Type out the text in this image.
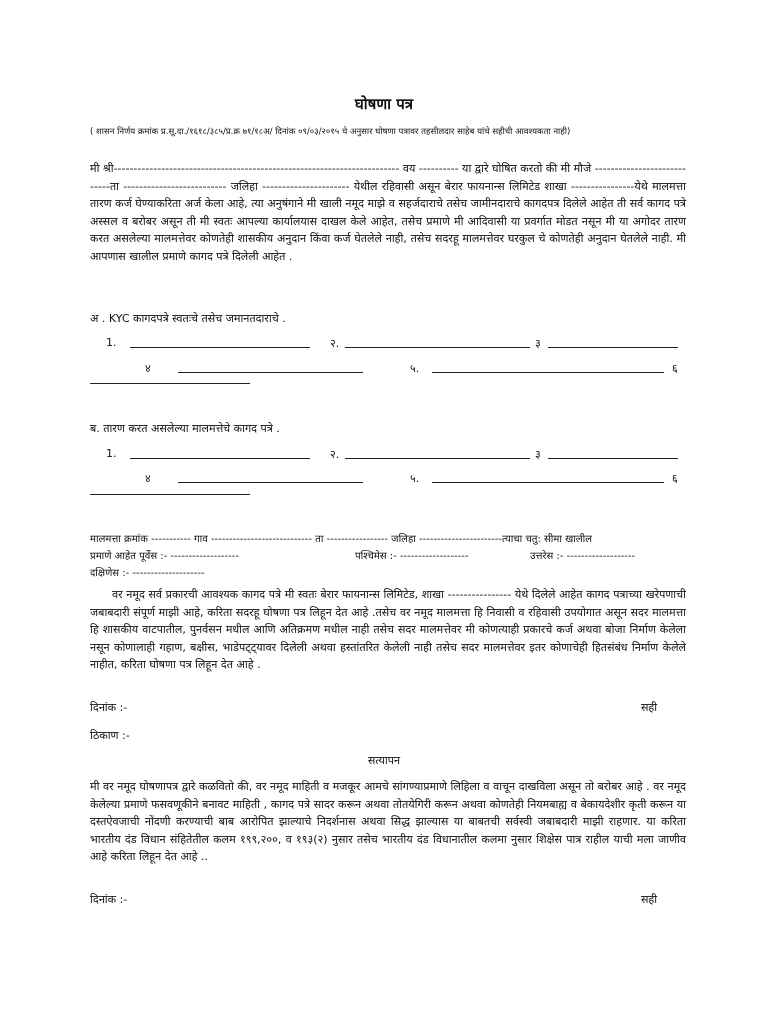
घोषणा पत्र
( शासन निर्णय क्रमांक प्र.सू.दा./१६१८/३८५/प्र.क्र ७१/१८अ/ दिनांक ०९/०३/२०१५ चे अनुसार घोषणा पत्रावर तहसीलदार साहेब यांचे सहीची आवश्यकता नाही)
मी श्री------------------------------------------------------------------------ वय ---------- या द्वारे घोषित करतो की मी मौजे ----------------------------ता -------------------------- जलिहा ---------------------- येथील रहिवासी असून बेरार फायनान्स लिमिटेड शाखा ----------------येथे मालमत्ता तारण कर्ज घेण्याकरिता अर्ज केला आहे, त्या अनुषंगाने मी खाली नमूद माझे व सहर्जदाराचे तसेच जामीनदाराचे कागदपत्र दिलेले आहेत ती सर्व कागद पत्रे अस्सल व बरोबर असून ती मी स्वतः आपल्या कार्यालयास दाखल केले आहेत, तसेच प्रमाणे मी आदिवासी या प्रवर्गात मोडत नसून मी या अगोदर तारण करत असलेल्या मालमत्तेवर कोणतेही शासकीय अनुदान किंवा कर्ज घेतलेले नाही, तसेच सदरहू मालमत्तेवर घरकुल चे कोणतेही अनुदान घेतलेले नाही. मी आपणास खालील प्रमाणे कागद पत्रे दिलेली आहेत .
अ . KYC कागदपत्रे स्वतःचे तसेच जमानतदाराचे .
1.	२.	३
४	५.	६
ब. तारण करत असलेल्या मालमत्तेचे कागद पत्रे .
1.	२.	३
४	५.	६
मालमत्ता क्रमांक ----------- गाव ---------------------------- ता ----------------- जलिहा -----------------------त्याचा चतु: सीमा खालील
प्रमाणे आहेत पूर्वेस :- -------------------	पश्चिमेस :- -------------------	उत्तरेस :- -------------------
दक्षिणेस :- --------------------
वर नमूद सर्व प्रकारची आवश्यक कागद पत्रे मी स्वतः बेरार फायनान्स लिमिटेड, शाखा ---------------- येथे दिलेले आहेत कागद पत्राच्या खरेपणाची जबाबदारी संपूर्ण माझी आहे, करिता सदरहू घोषणा पत्र लिहून देत आहे .तसेच वर नमूद मालमत्ता हि निवासी व रहिवासी उपयोगात असून सदर मालमत्ता हि शासकीय वाटपातील, पुनर्वसन मधील आणि अतिक्रमण मधील नाही तसेच सदर मालमत्तेवर मी कोणत्याही प्रकारचे कर्ज अथवा बोजा निर्माण केलेला नसून कोणालाही गहाण, बक्षीस, भाडेपट्ट्यावर दिलेली अथवा हस्तांतरित केलेली नाही तसेच सदर मालमत्तेवर इतर कोणाचेही हितसंबंध निर्माण केलेले नाहीत, करिता घोषणा पत्र लिहून देत आहे .
दिनांक :-	सही
ठिकाण :-
सत्यापन
मी वर नमूद घोषणापत्र द्वारे कळवितो की, वर नमूद माहिती व मजकूर आमचे सांगण्याप्रमाणे लिहिला व वाचून दाखविला असून तो बरोबर आहे . वर नमूद केलेल्या प्रमाणे फसवणूकीने बनावट माहिती , कागद पत्रे सादर करून अथवा तोतयेगिरी करून अथवा कोणतेही नियमबाह्य व बेकायदेशीर कृती करून या दस्तऐवजाची नोंदणी करण्याची बाब आरोपित झाल्याचे निदर्शनास अथवा सिद्ध झाल्यास या बाबतची सर्वस्वी जबाबदारी माझी राहणार. या करिता भारतीय दंड विधान संहितेतील कलम १९९,२००, व १९३(२) नुसार तसेच भारतीय दंड विधानातील कलमा नुसार शिक्षेस पात्र राहील याची मला जाणीव आहे करिता लिहून देत आहे ..
दिनांक :-	सही
